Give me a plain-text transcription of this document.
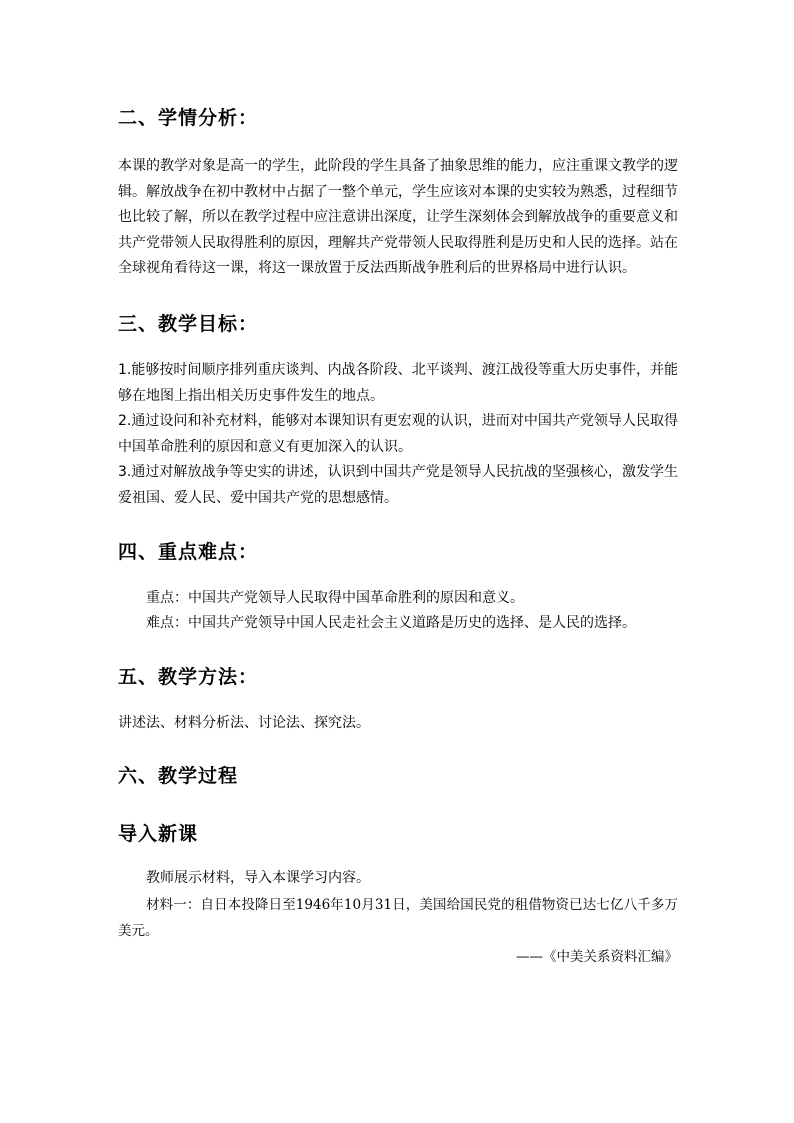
二、学情分析：

本课的教学对象是高一的学生，此阶段的学生具备了抽象思维的能力，应注重课文教学的逻辑。解放战争在初中教材中占据了一整个单元，学生应该对本课的史实较为熟悉，过程细节也比较了解，所以在教学过程中应注意讲出深度，让学生深刻体会到解放战争的重要意义和共产党带领人民取得胜利的原因，理解共产党带领人民取得胜利是历史和人民的选择。站在全球视角看待这一课，将这一课放置于反法西斯战争胜利后的世界格局中进行认识。

三、教学目标：

1.能够按时间顺序排列重庆谈判、内战各阶段、北平谈判、渡江战役等重大历史事件，并能够在地图上指出相关历史事件发生的地点。

2.通过设问和补充材料，能够对本课知识有更宏观的认识，进而对中国共产党领导人民取得中国革命胜利的原因和意义有更加深入的认识。

3.通过对解放战争等史实的讲述，认识到中国共产党是领导人民抗战的坚强核心，激发学生爱祖国、爱人民、爱中国共产党的思想感情。

四、重点难点：

重点：中国共产党领导人民取得中国革命胜利的原因和意义。

难点：中国共产党领导中国人民走社会主义道路是历史的选择、是人民的选择。

五、教学方法：

讲述法、材料分析法、讨论法、探究法。

六、教学过程
导入新课

教师展示材料，导入本课学习内容。

材料一：自日本投降日至1946年10月31日，美国给国民党的租借物资已达七亿八千多万美元。

——《中美关系资料汇编》
